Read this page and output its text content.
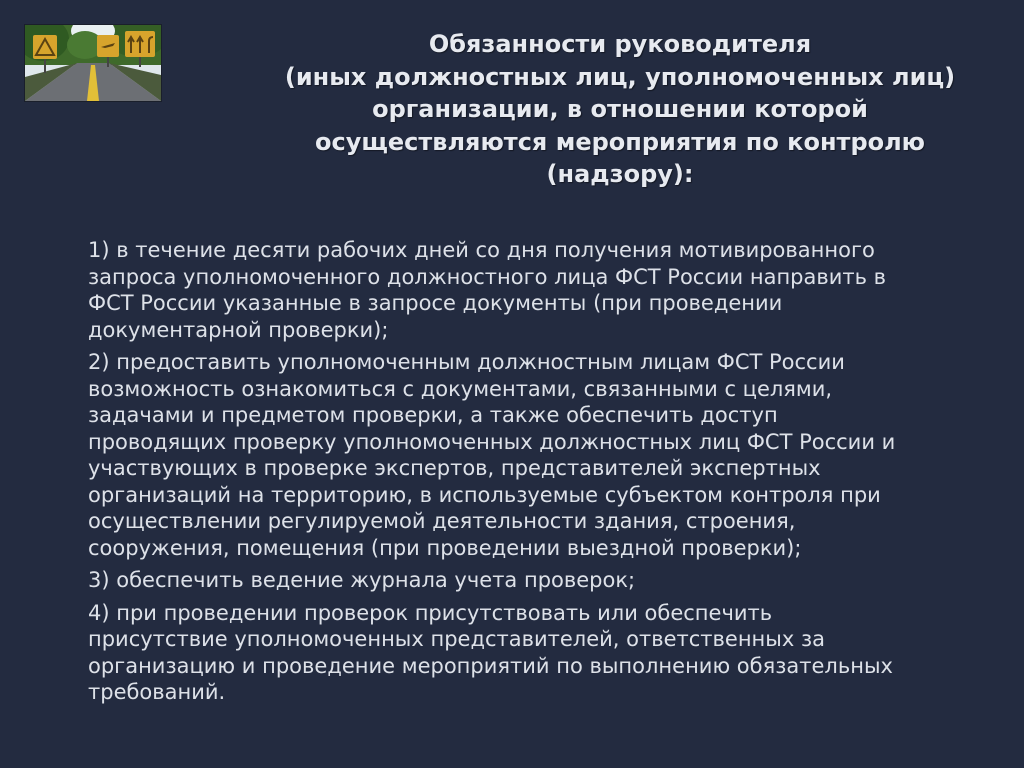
Обязанности руководителя
(иных должностных лиц, уполномоченных лиц)
организации, в отношении которой
осуществляются мероприятия по контролю
(надзору):
1) в течение десяти рабочих дней со дня получения мотивированного
запроса уполномоченного должностного лица ФСТ России направить в
ФСТ России указанные в запросе документы (при проведении
документарной проверки);
2) предоставить уполномоченным должностным лицам ФСТ России
возможность ознакомиться с документами, связанными с целями,
задачами и предметом проверки, а также обеспечить доступ
проводящих проверку уполномоченных должностных лиц ФСТ России и
участвующих в проверке экспертов, представителей экспертных
организаций на территорию, в используемые субъектом контроля при
осуществлении регулируемой деятельности здания, строения,
сооружения, помещения (при проведении выездной проверки);
3) обеспечить ведение журнала учета проверок;
4) при проведении проверок присутствовать или обеспечить
присутствие уполномоченных представителей, ответственных за
организацию и проведение мероприятий по выполнению обязательных
требований.
